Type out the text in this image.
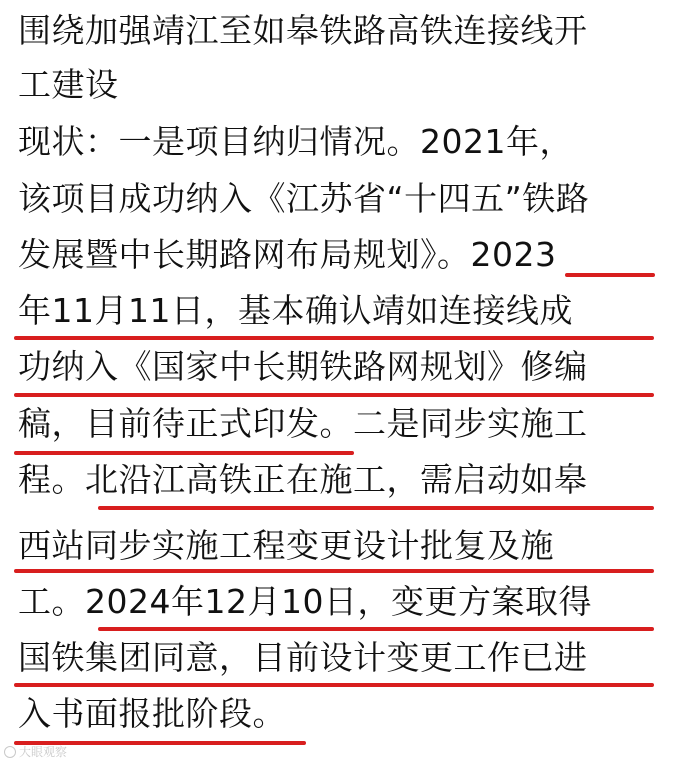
围绕加强靖江至如皋铁路高铁连接线开
工建设
现状：一是项目纳归情况。2021年，
该项目成功纳入《江苏省“十四五”铁路
发展暨中长期路网布局规划》。2023
年11月11日，基本确认靖如连接线成
功纳入《国家中长期铁路网规划》修编
稿，目前待正式印发。二是同步实施工
程。北沿江高铁正在施工，需启动如皋
西站同步实施工程变更设计批复及施
工。2024年12月10日，变更方案取得
国铁集团同意，目前设计变更工作已进
入书面报批阶段。
大眼观察
